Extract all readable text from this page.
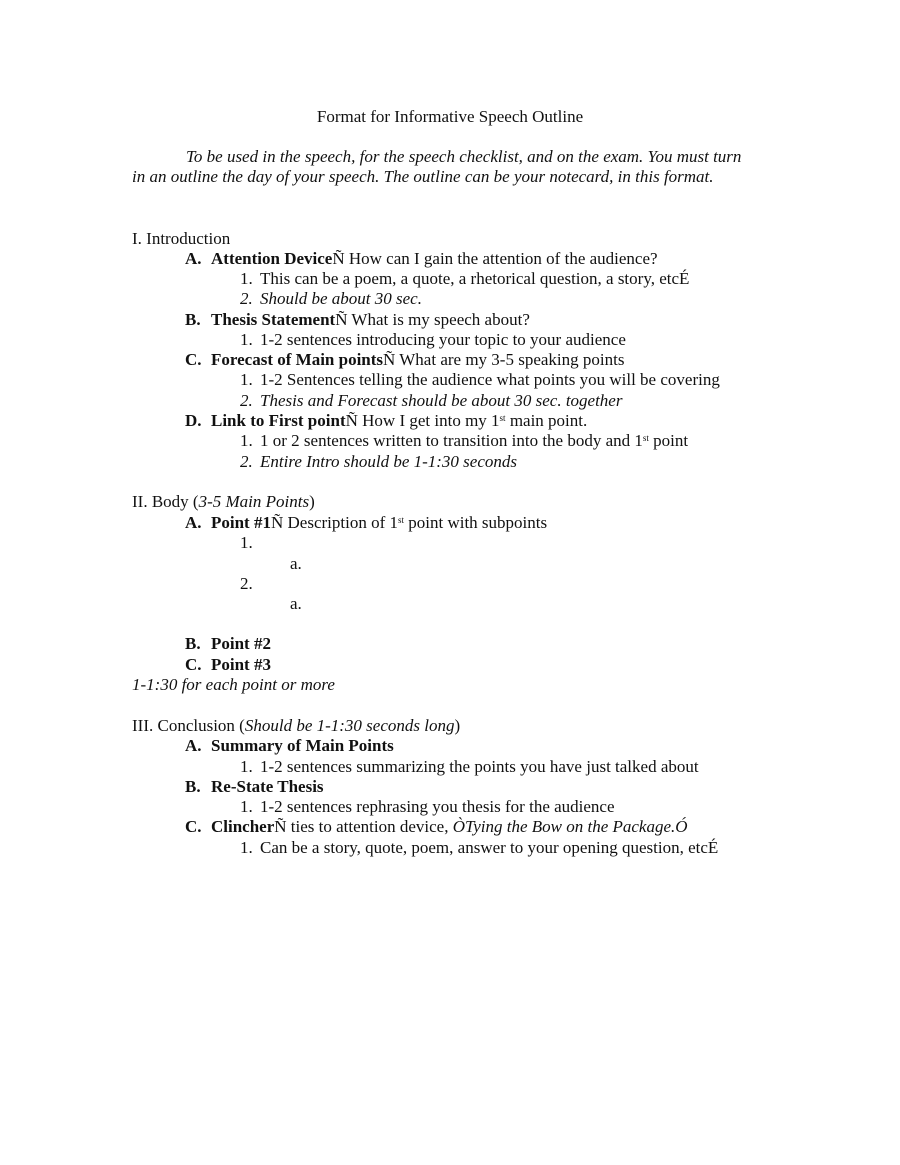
Format for Informative Speech Outline
To be used in the speech, for the speech checklist, and on the exam. You must turn in an outline the day of your speech. The outline can be your notecard, in this format.
I. Introduction
A. Attention DeviceÑ How can I gain the attention of the audience?
1. This can be a poem, a quote, a rhetorical question, a story, etcÉ
2. Should be about 30 sec.
B. Thesis StatementÑ What is my speech about?
1. 1-2 sentences introducing your topic to your audience
C. Forecast of Main pointsÑ What are my 3-5 speaking points
1. 1-2 Sentences telling the audience what points you will be covering
2. Thesis and Forecast should be about 30 sec. together
D. Link to First pointÑ How I get into my 1st main point.
1. 1 or 2 sentences written to transition into the body and 1st point
2. Entire Intro should be 1-1:30 seconds
II. Body (3-5 Main Points)
A. Point #1Ñ Description of 1st point with subpoints
1.
a.
2.
a.
B. Point #2
C. Point #3
1-1:30 for each point or more
III. Conclusion (Should be 1-1:30 seconds long)
A. Summary of Main Points
1. 1-2 sentences summarizing the points you have just talked about
B. Re-State Thesis
1. 1-2 sentences rephrasing you thesis for the audience
C. ClincherÑ ties to attention device, ÒTying the Bow on the Package.Ó
1. Can be a story, quote, poem, answer to your opening question, etcÉ
